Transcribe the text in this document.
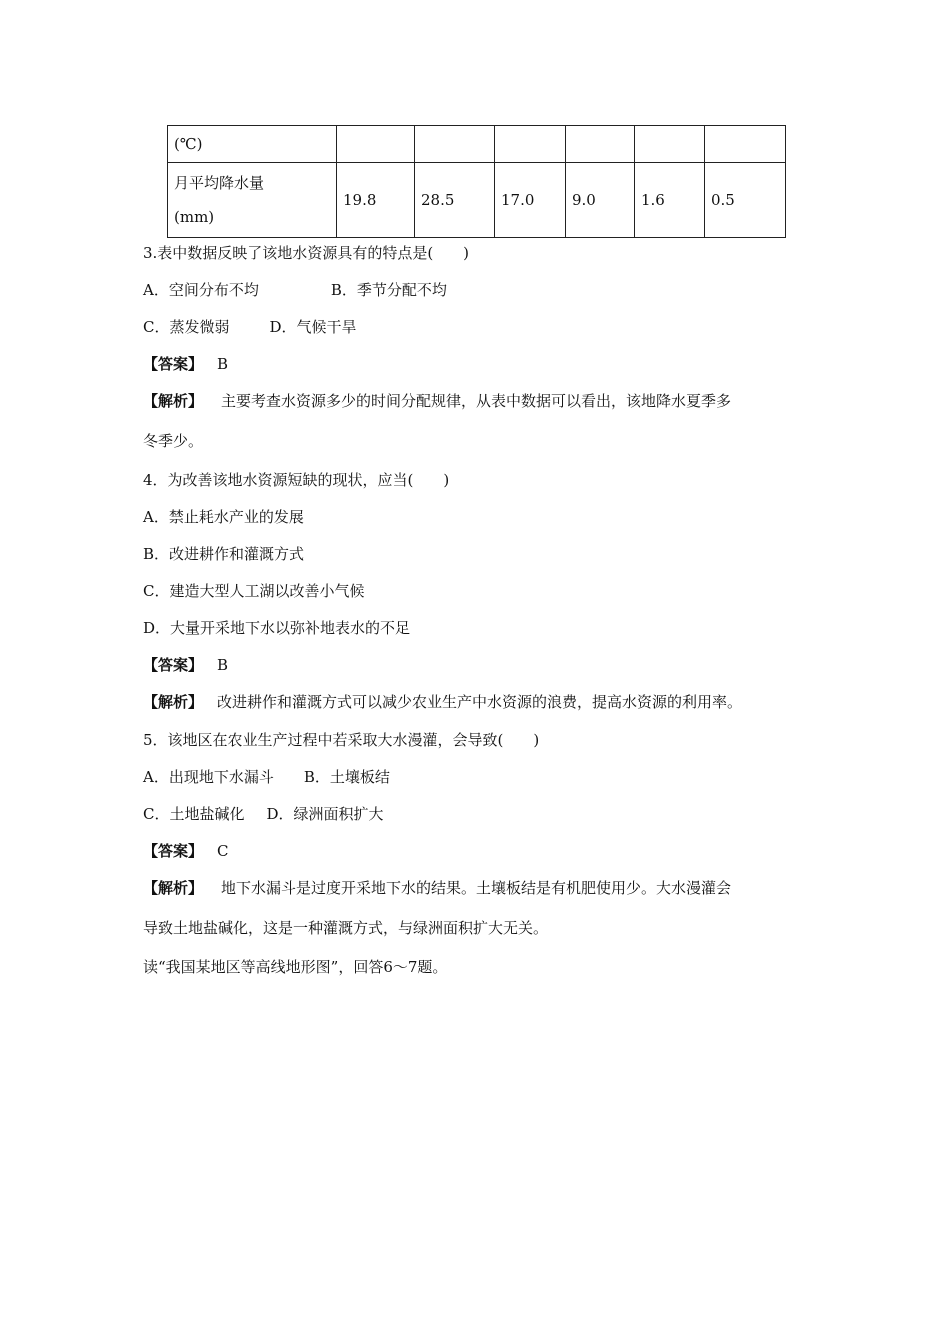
(℃)						

月平均降水量
(mm)	19.8	28.5	17.0	9.0	1.6	0.5
3.表中数据反映了该地水资源具有的特点是(　　)
A．空间分布不均	B．季节分配不均
C．蒸发微弱	D．气候干旱
【答案】 B
【解析】 主要考查水资源多少的时间分配规律，从表中数据可以看出，该地降水夏季多
冬季少。
4．为改善该地水资源短缺的现状，应当(　　)
A．禁止耗水产业的发展
B．改进耕作和灌溉方式
C．建造大型人工湖以改善小气候
D．大量开采地下水以弥补地表水的不足
【答案】 B
【解析】 改进耕作和灌溉方式可以减少农业生产中水资源的浪费，提高水资源的利用率。
5．该地区在农业生产过程中若采取大水漫灌，会导致(　　)
A．出现地下水漏斗 B．土壤板结
C．土地盐碱化 D．绿洲面积扩大
【答案】 C
【解析】 地下水漏斗是过度开采地下水的结果。土壤板结是有机肥使用少。大水漫灌会
导致土地盐碱化，这是一种灌溉方式，与绿洲面积扩大无关。
读“我国某地区等高线地形图”，回答6～7题。
